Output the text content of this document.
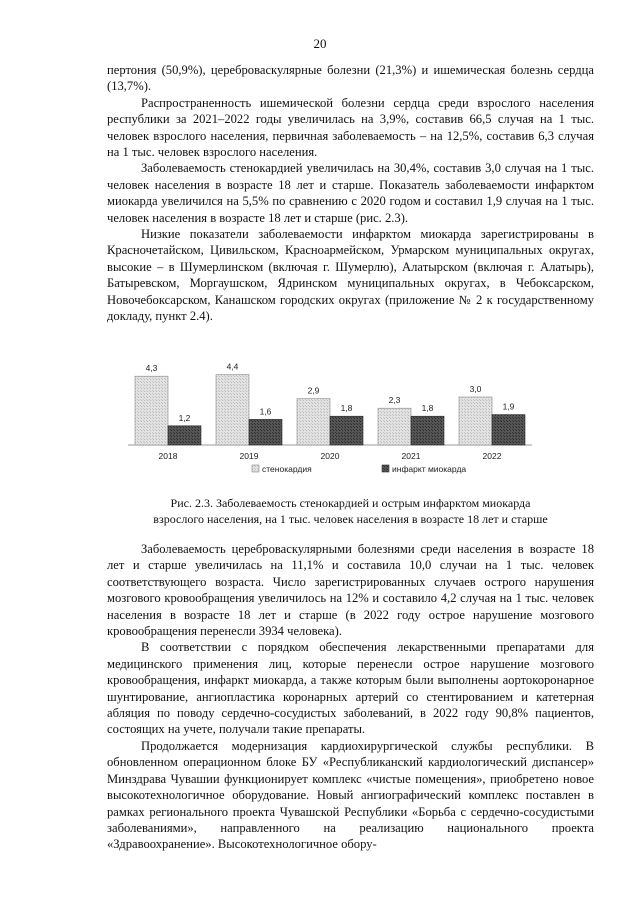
20

пертония (50,9%), цереброваскулярные болезни (21,3%) и ишемическая болезнь сердца (13,7%).

Распространенность ишемической болезни сердца среди взрослого населения республики за 2021–2022 годы увеличилась на 3,9%, составив 66,5 случая на 1 тыс. человек взрослого населения, первичная заболеваемость – на 12,5%, составив 6,3 случая на 1 тыс. человек взрослого населения.

Заболеваемость стенокардией увеличилась на 30,4%, составив 3,0 случая на 1 тыс. человек населения в возрасте 18 лет и старше. Показатель заболеваемости инфарктом миокарда увеличился на 5,5% по сравнению с 2020 годом и составил 1,9 случая на 1 тыс. человек населения в возрасте 18 лет и старше (рис. 2.3).

Низкие показатели заболеваемости инфарктом миокарда зарегистрированы в Красночетайском, Цивильском, Красноармейском, Урмарском муниципальных округах, высокие – в Шумерлинском (включая г. Шумерлю), Алатырском (включая г. Алатырь), Батыревском, Моргаушском, Ядринском муниципальных округах, в Чебоксарском, Новочебоксарском, Канашском городских округах (приложение № 2 к государственному докладу, пункт 2.4).

4,3
1,2
2018
4,4
1,6
2019
2,9
1,8
2020
2,3
1,8
2021
3,0
1,9
2022
стенокардия	инфаркт миокарда
Рис. 2.3. Заболеваемость стенокардией и острым инфарктом миокарда
взрослого населения, на 1 тыс. человек населения в возрасте 18 лет и старше

Заболеваемость цереброваскулярными болезнями среди населения в возрасте 18 лет и старше увеличилась на 11,1% и составила 10,0 случаи на 1 тыс. человек соответствующего возраста. Число зарегистрированных случаев острого нарушения мозгового кровообращения увеличилось на 12% и составило 4,2 случая на 1 тыс. человек населения в возрасте 18 лет и старше (в 2022 году острое нарушение мозгового кровообращения перенесли 3934 человека).

В соответствии с порядком обеспечения лекарственными препаратами для медицинского применения лиц, которые перенесли острое нарушение мозгового кровообращения, инфаркт миокарда, а также которым были выполнены аортокоронарное шунтирование, ангиопластика коронарных артерий со стентированием и катетерная абляция по поводу сердечно-сосудистых заболеваний, в 2022 году 90,8% пациентов, состоящих на учете, получали такие препараты.

Продолжается модернизация кардиохирургической службы республики. В обновленном операционном блоке БУ «Республиканский кардиологический диспансер» Минздрава Чувашии функционирует комплекс «чистые помещения», приобретено новое высокотехнологичное оборудование. Новый ангиографический комплекс поставлен в рамках регионального проекта Чувашской Республики «Борьба с сердечно-сосудистыми заболеваниями», направленного на реализацию национального проекта «Здравоохранение». Высокотехнологичное обору-
